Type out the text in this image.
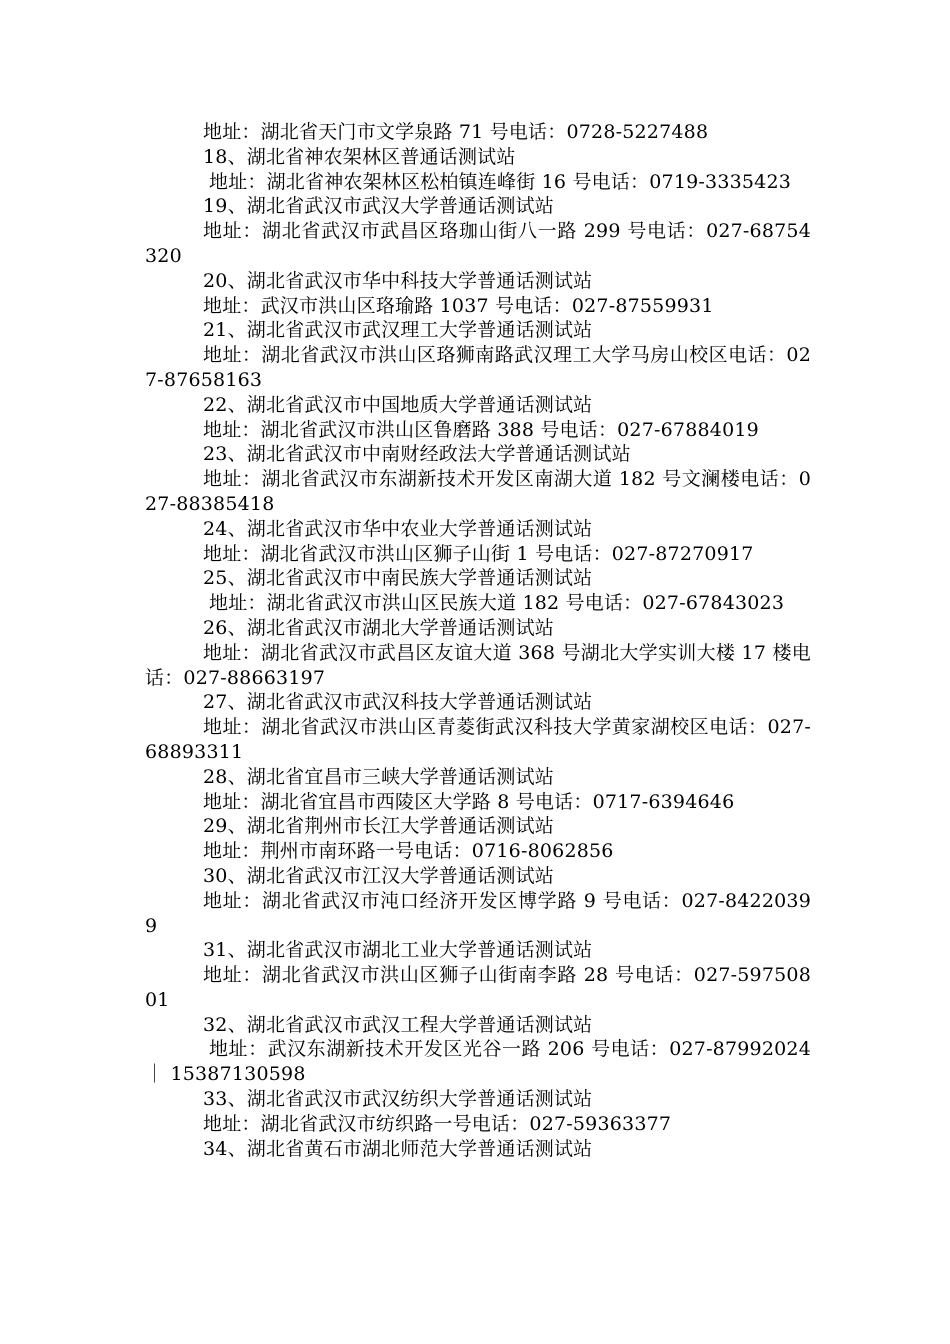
地址：湖北省天门市文学泉路 71 号电话：0728-5227488

18、湖北省神农架林区普通话测试站

地址：湖北省神农架林区松柏镇连峰街 16 号电话：0719-3335423

19、湖北省武汉市武汉大学普通话测试站

地址：湖北省武汉市武昌区珞珈山街八一路 299 号电话：027-68754320

20、湖北省武汉市华中科技大学普通话测试站

地址：武汉市洪山区珞瑜路 1037 号电话：027-87559931

21、湖北省武汉市武汉理工大学普通话测试站

地址：湖北省武汉市洪山区珞狮南路武汉理工大学马房山校区电话：027-87658163

22、湖北省武汉市中国地质大学普通话测试站

地址：湖北省武汉市洪山区鲁磨路 388 号电话：027-67884019

23、湖北省武汉市中南财经政法大学普通话测试站

地址：湖北省武汉市东湖新技术开发区南湖大道 182 号文澜楼电话：027-88385418

24、湖北省武汉市华中农业大学普通话测试站

地址：湖北省武汉市洪山区狮子山街 1 号电话：027-87270917

25、湖北省武汉市中南民族大学普通话测试站

地址：湖北省武汉市洪山区民族大道 182 号电话：027-67843023

26、湖北省武汉市湖北大学普通话测试站

地址：湖北省武汉市武昌区友谊大道 368 号湖北大学实训大楼 17 楼电话：027-88663197

27、湖北省武汉市武汉科技大学普通话测试站

地址：湖北省武汉市洪山区青菱街武汉科技大学黄家湖校区电话：027-68893311

28、湖北省宜昌市三峡大学普通话测试站

地址：湖北省宜昌市西陵区大学路 8 号电话：0717-6394646

29、湖北省荆州市长江大学普通话测试站

地址：荆州市南环路一号电话：0716-8062856

30、湖北省武汉市江汉大学普通话测试站

地址：湖北省武汉市沌口经济开发区博学路 9 号电话：027-84220399

31、湖北省武汉市湖北工业大学普通话测试站

地址：湖北省武汉市洪山区狮子山街南李路 28 号电话：027-59750801

32、湖北省武汉市武汉工程大学普通话测试站

地址：武汉东湖新技术开发区光谷一路 206 号电话：027-87992024 ｜ 15387130598

33、湖北省武汉市武汉纺织大学普通话测试站

地址：湖北省武汉市纺织路一号电话：027-59363377

34、湖北省黄石市湖北师范大学普通话测试站
